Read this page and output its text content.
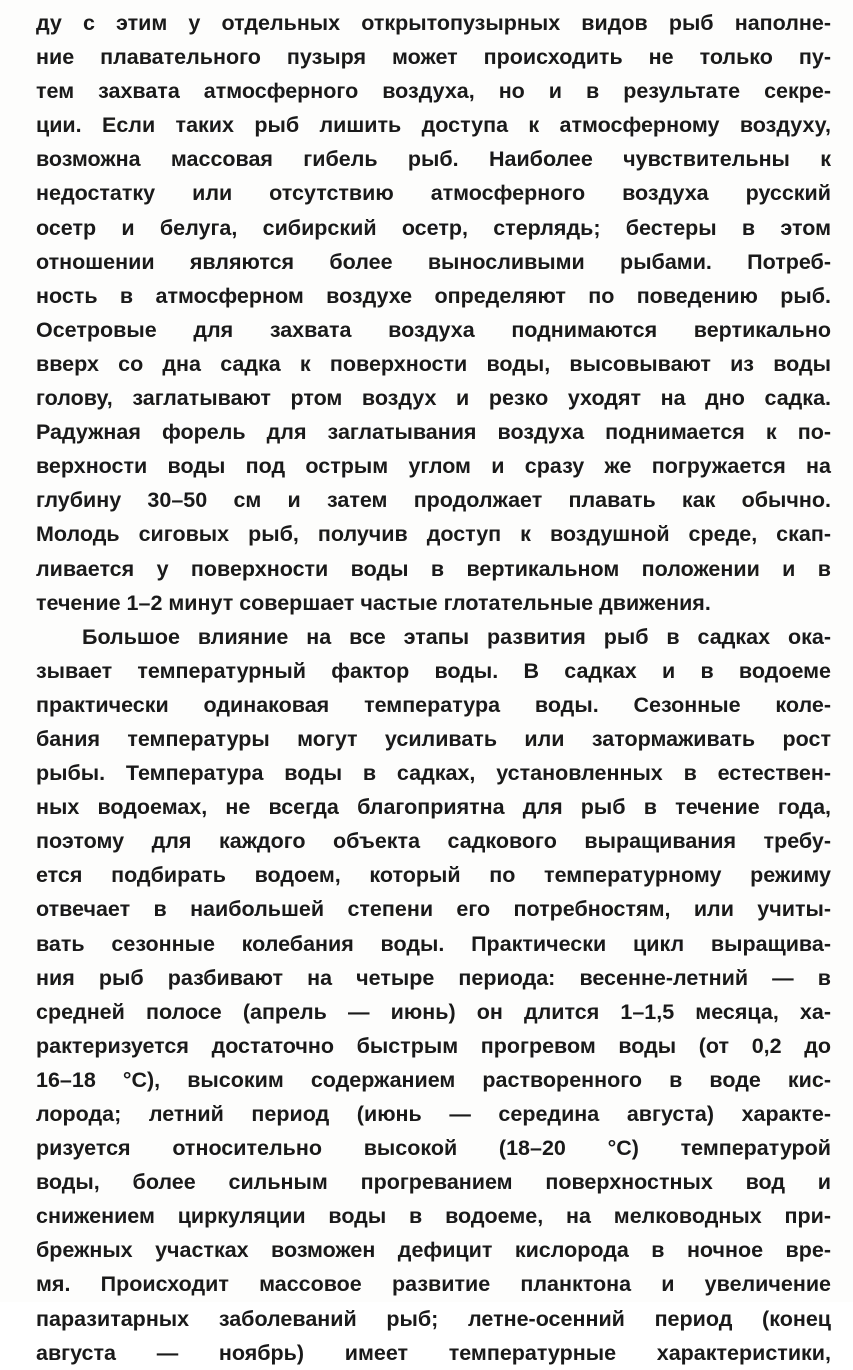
ду с этим у отдельных открытопузырных видов рыб наполне-
ние плавательного пузыря может происходить не только пу-
тем захвата атмосферного воздуха, но и в результате секре-
ции. Если таких рыб лишить доступа к атмосферному воздуху,
возможна массовая гибель рыб. Наиболее чувствительны к
недостатку или отсутствию атмосферного воздуха русский
осетр и белуга, сибирский осетр, стерлядь; бестеры в этом
отношении являются более выносливыми рыбами. Потреб-
ность в атмосферном воздухе определяют по поведению рыб.
Осетровые для захвата воздуха поднимаются вертикально
вверх со дна садка к поверхности воды, высовывают из воды
голову, заглатывают ртом воздух и резко уходят на дно садка.
Радужная форель для заглатывания воздуха поднимается к по-
верхности воды под острым углом и сразу же погружается на
глубину 30–50 см и затем продолжает плавать как обычно.
Молодь сиговых рыб, получив доступ к воздушной среде, скап-
ливается у поверхности воды в вертикальном положении и в
течение 1–2 минут совершает частые глотательные движения.
Большое влияние на все этапы развития рыб в садках ока-
зывает температурный фактор воды. В садках и в водоеме
практически одинаковая температура воды. Сезонные коле-
бания температуры могут усиливать или затормаживать рост
рыбы. Температура воды в садках, установленных в естествен-
ных водоемах, не всегда благоприятна для рыб в течение года,
поэтому для каждого объекта садкового выращивания требу-
ется подбирать водоем, который по температурному режиму
отвечает в наибольшей степени его потребностям, или учиты-
вать сезонные колебания воды. Практически цикл выращива-
ния рыб разбивают на четыре периода: весенне-летний — в
средней полосе (апрель — июнь) он длится 1–1,5 месяца, ха-
рактеризуется достаточно быстрым прогревом воды (от 0,2 до
16–18 °С), высоким содержанием растворенного в воде кис-
лорода; летний период (июнь — середина августа) характе-
ризуется относительно высокой (18–20 °С) температурой
воды, более сильным прогреванием поверхностных вод и
снижением циркуляции воды в водоеме, на мелководных при-
брежных участках возможен дефицит кислорода в ночное вре-
мя. Происходит массовое развитие планктона и увеличение
паразитарных заболеваний рыб; летне-осенний период (конец
августа — ноябрь) имеет температурные характеристики,
